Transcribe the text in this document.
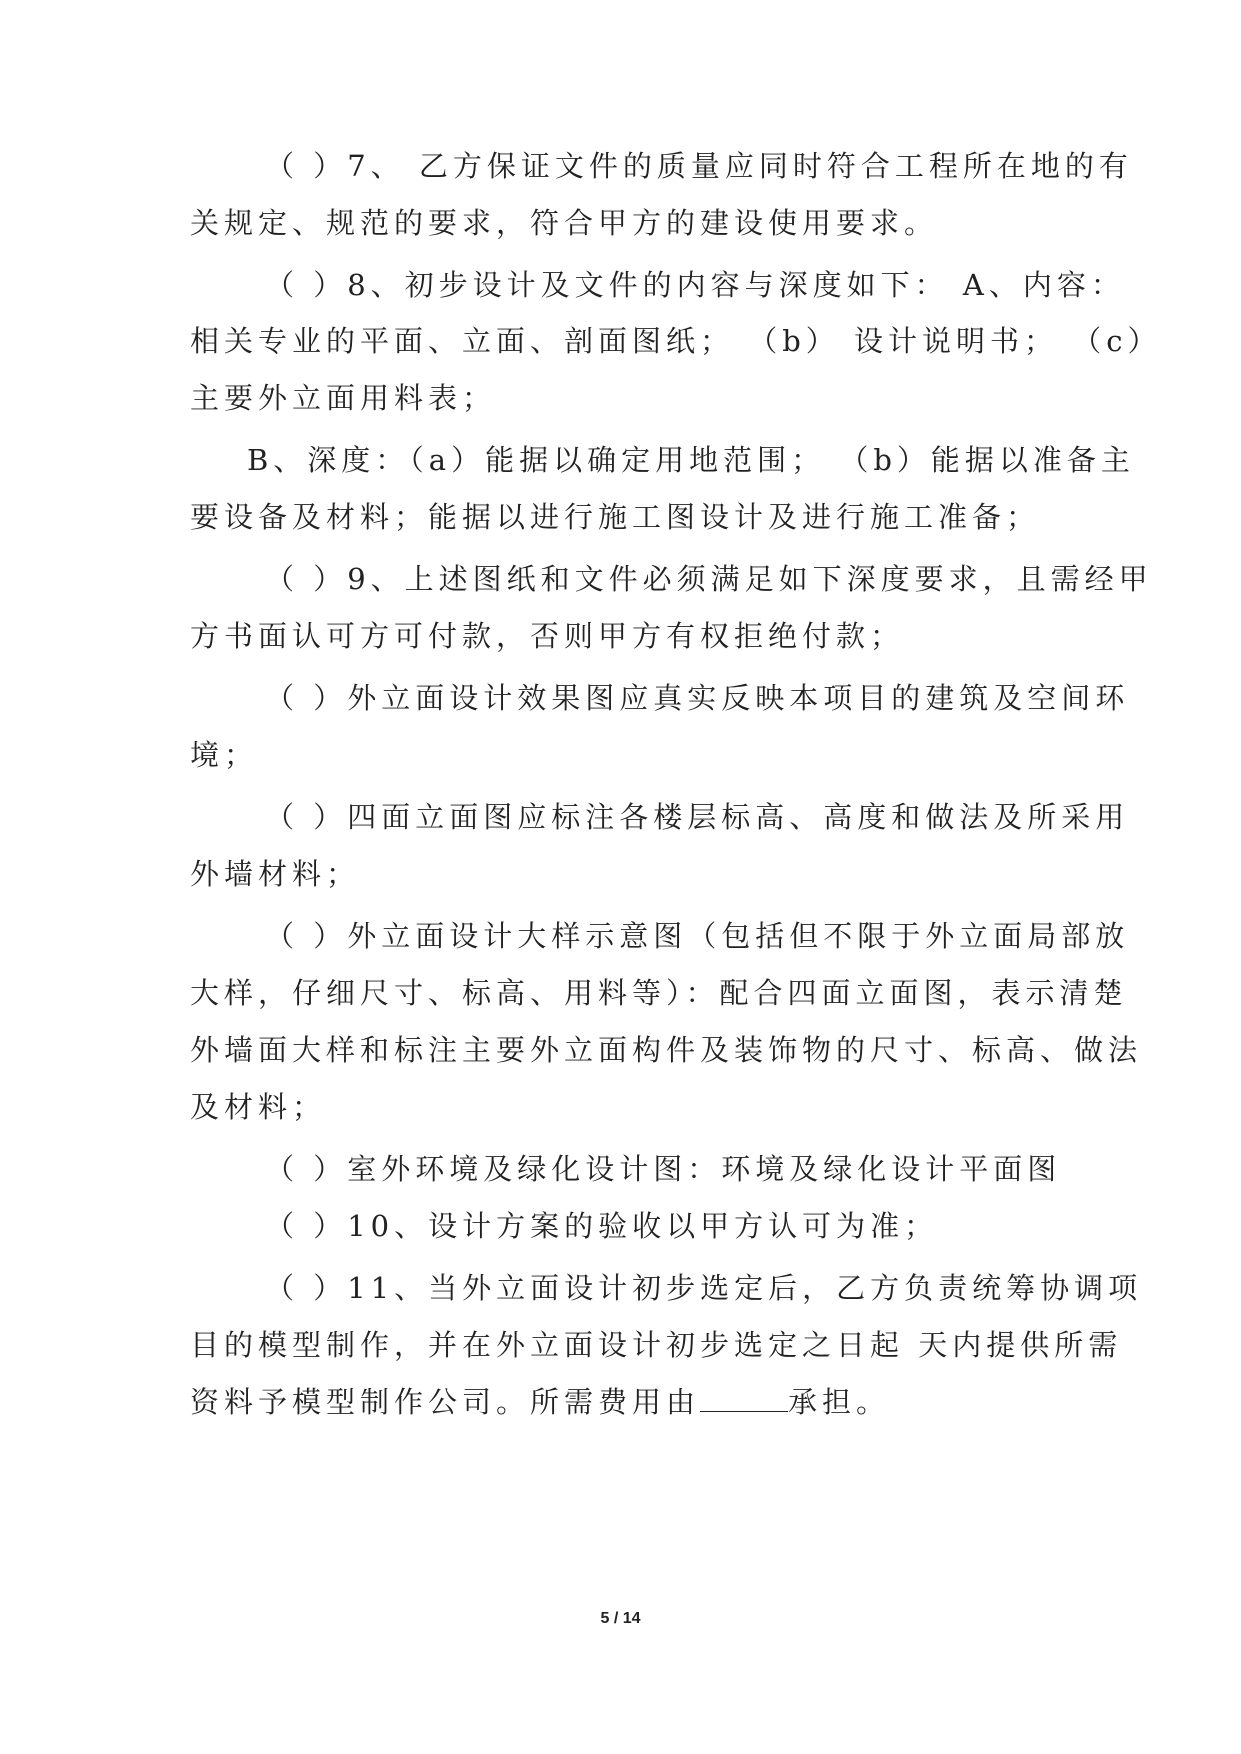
（ ）7、 乙方保证文件的质量应同时符合工程所在地的有
关规定、规范的要求，符合甲方的建设使用要求。
（ ）8、初步设计及文件的内容与深度如下： A、内容：
相关专业的平面、立面、剖面图纸； （b） 设计说明书； （c）
主要外立面用料表；
B、深度：（a）能据以确定用地范围； （b）能据以准备主
要设备及材料；能据以进行施工图设计及进行施工准备；
（ ）9、上述图纸和文件必须满足如下深度要求，且需经甲
方书面认可方可付款，否则甲方有权拒绝付款；
（ ）外立面设计效果图应真实反映本项目的建筑及空间环
境；
（ ）四面立面图应标注各楼层标高、高度和做法及所采用
外墙材料；
（ ）外立面设计大样示意图（包括但不限于外立面局部放
大样，仔细尺寸、标高、用料等）：配合四面立面图，表示清楚
外墙面大样和标注主要外立面构件及装饰物的尺寸、标高、做法
及材料；
（ ）室外环境及绿化设计图：环境及绿化设计平面图
（ ）10、设计方案的验收以甲方认可为准；
（ ）11、当外立面设计初步选定后，乙方负责统筹协调项
目的模型制作，并在外立面设计初步选定之日起 天内提供所需
资料予模型制作公司。所需费用由	承担。
5 / 14
